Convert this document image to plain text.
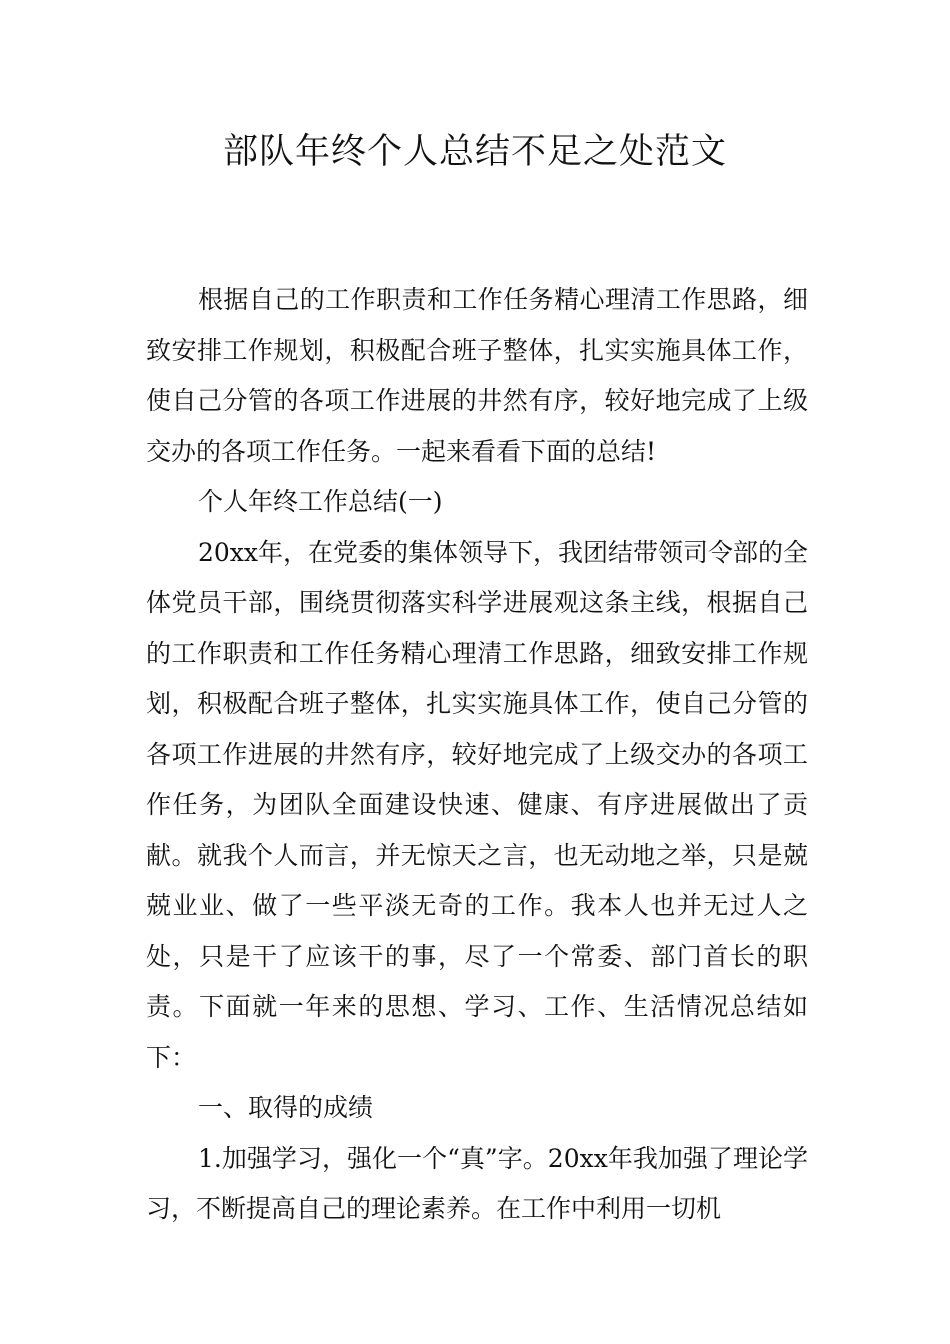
部队年终个人总结不足之处范文

根据自己的工作职责和工作任务精心理清工作思路，细致安排工作规划，积极配合班子整体，扎实实施具体工作，使自己分管的各项工作进展的井然有序，较好地完成了上级交办的各项工作任务。一起来看看下面的总结!

个人年终工作总结(一)

20xx年，在党委的集体领导下，我团结带领司令部的全体党员干部，围绕贯彻落实科学进展观这条主线，根据自己的工作职责和工作任务精心理清工作思路，细致安排工作规划，积极配合班子整体，扎实实施具体工作，使自己分管的各项工作进展的井然有序，较好地完成了上级交办的各项工作任务，为团队全面建设快速、健康、有序进展做出了贡献。就我个人而言，并无惊天之言，也无动地之举，只是兢兢业业、做了一些平淡无奇的工作。我本人也并无过人之处，只是干了应该干的事，尽了一个常委、部门首长的职责。下面就一年来的思想、学习、工作、生活情况总结如下：

一、取得的成绩

1.加强学习，强化一个“真”字。20xx年我加强了理论学习，不断提高自己的理论素养。在工作中利用一切机
